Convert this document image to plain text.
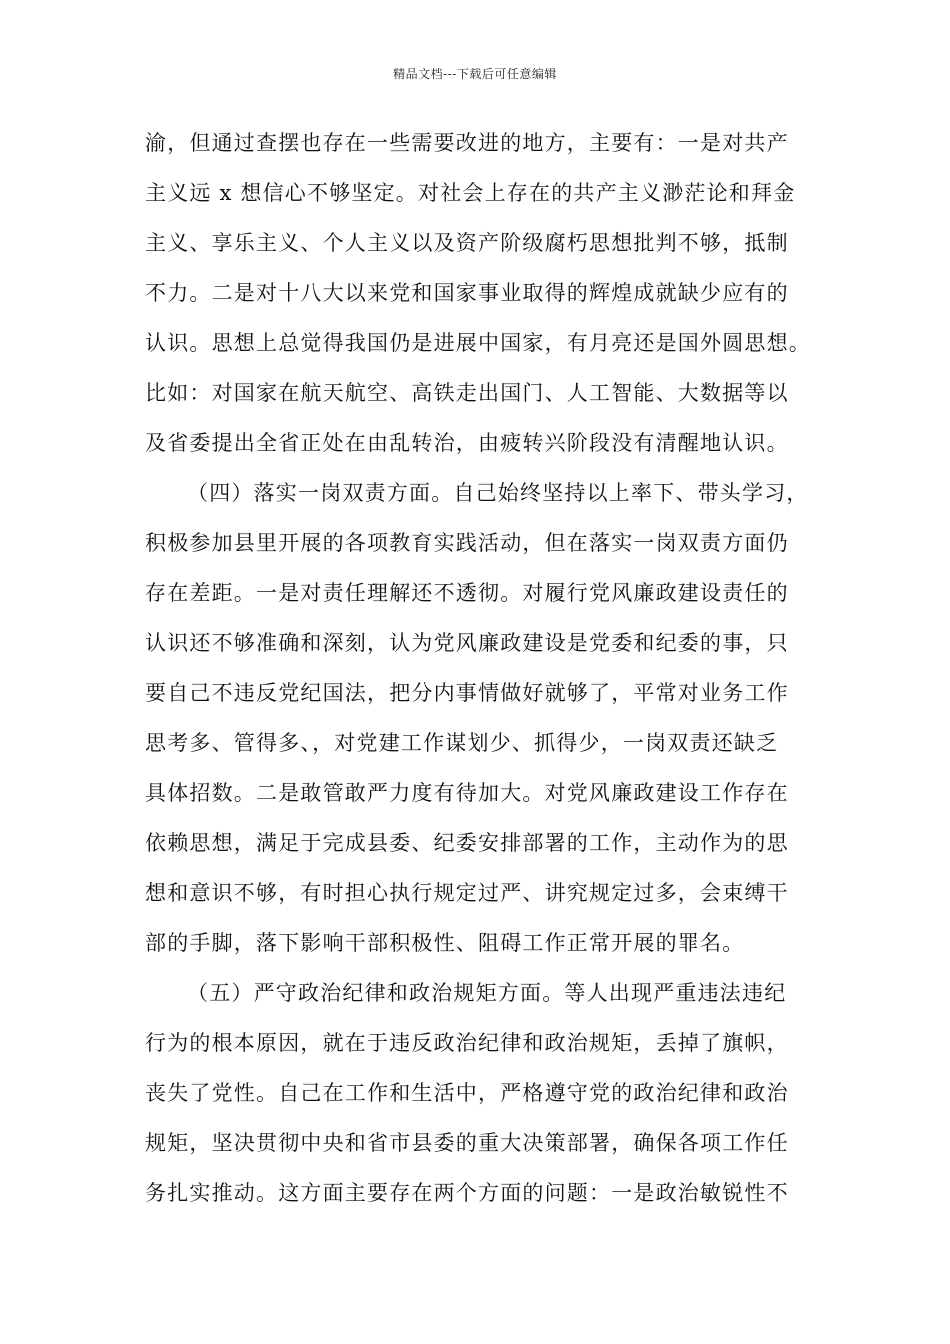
精品文档---下载后可任意编辑
渝，但通过查摆也存在一些需要改进的地方，主要有：一是对共产
主义远 x 想信心不够坚定。对社会上存在的共产主义渺茫论和拜金
主义、享乐主义、个人主义以及资产阶级腐朽思想批判不够，抵制
不力。二是对十八大以来党和国家事业取得的辉煌成就缺少应有的
认识。思想上总觉得我国仍是进展中国家，有月亮还是国外圆思想。
比如：对国家在航天航空、高铁走出国门、人工智能、大数据等以
及省委提出全省正处在由乱转治，由疲转兴阶段没有清醒地认识。
（四）落实一岗双责方面。自己始终坚持以上率下、带头学习，
积极参加县里开展的各项教育实践活动，但在落实一岗双责方面仍
存在差距。一是对责任理解还不透彻。对履行党风廉政建设责任的
认识还不够准确和深刻，认为党风廉政建设是党委和纪委的事，只
要自己不违反党纪国法，把分内事情做好就够了，平常对业务工作
思考多、管得多、，对党建工作谋划少、抓得少，一岗双责还缺乏
具体招数。二是敢管敢严力度有待加大。对党风廉政建设工作存在
依赖思想，满足于完成县委、纪委安排部署的工作，主动作为的思
想和意识不够，有时担心执行规定过严、讲究规定过多，会束缚干
部的手脚，落下影响干部积极性、阻碍工作正常开展的罪名。
（五）严守政治纪律和政治规矩方面。等人出现严重违法违纪
行为的根本原因，就在于违反政治纪律和政治规矩，丢掉了旗帜，
丧失了党性。自己在工作和生活中，严格遵守党的政治纪律和政治
规矩，坚决贯彻中央和省市县委的重大决策部署，确保各项工作任
务扎实推动。这方面主要存在两个方面的问题：一是政治敏锐性不
